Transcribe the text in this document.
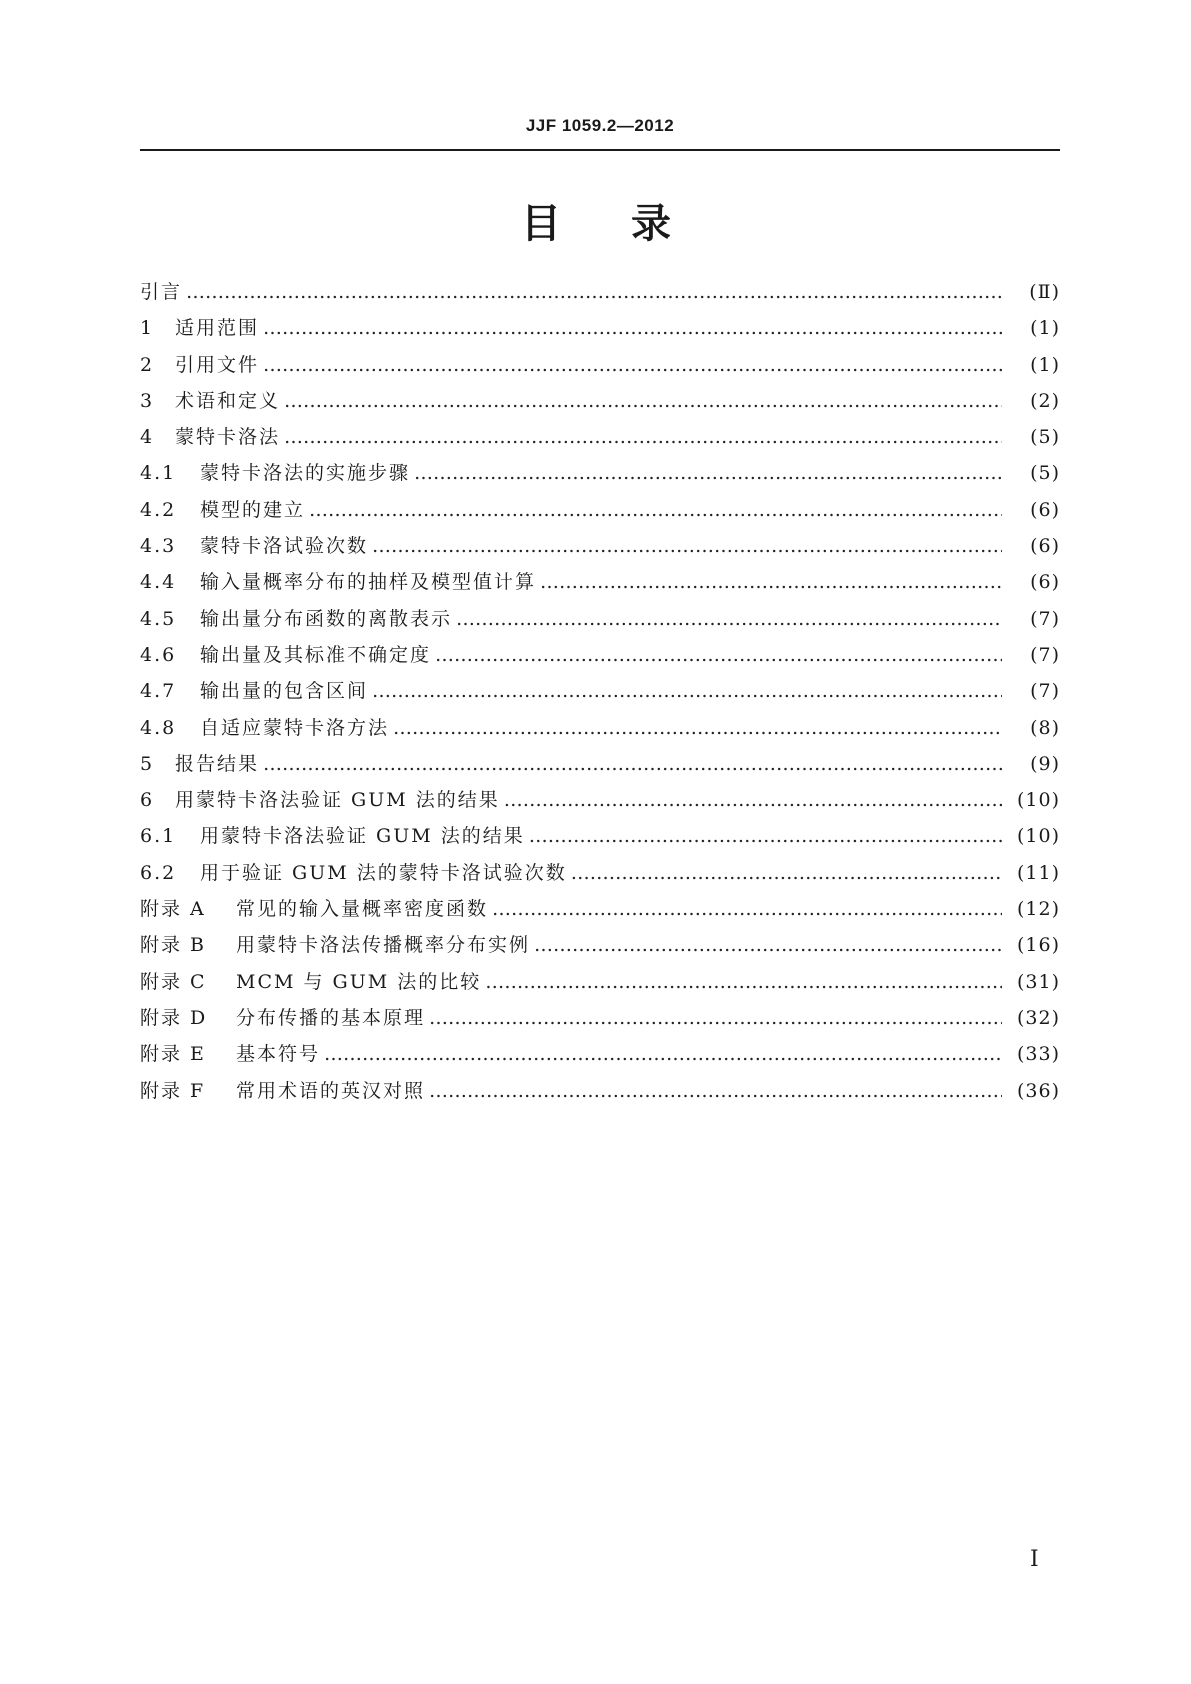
JJF 1059.2—2012
目 录
引言 ……………………………………………………………………………………………………………………………………………………………………………………………………………………	(Ⅱ)
1	适用范围 ……………………………………………………………………………………………………………………………………………………………………………………………………………………	(1)
2	引用文件 ……………………………………………………………………………………………………………………………………………………………………………………………………………………	(1)
3	术语和定义 ……………………………………………………………………………………………………………………………………………………………………………………………………………………	(2)
4	蒙特卡洛法 ……………………………………………………………………………………………………………………………………………………………………………………………………………………	(5)
4.1	蒙特卡洛法的实施步骤 ……………………………………………………………………………………………………………………………………………………………………………………………………………………	(5)
4.2	模型的建立 ……………………………………………………………………………………………………………………………………………………………………………………………………………………	(6)
4.3	蒙特卡洛试验次数 ……………………………………………………………………………………………………………………………………………………………………………………………………………………	(6)
4.4	输入量概率分布的抽样及模型值计算 ……………………………………………………………………………………………………………………………………………………………………………………………………………………	(6)
4.5	输出量分布函数的离散表示 ……………………………………………………………………………………………………………………………………………………………………………………………………………………	(7)
4.6	输出量及其标准不确定度 ……………………………………………………………………………………………………………………………………………………………………………………………………………………	(7)
4.7	输出量的包含区间 ……………………………………………………………………………………………………………………………………………………………………………………………………………………	(7)
4.8	自适应蒙特卡洛方法 ……………………………………………………………………………………………………………………………………………………………………………………………………………………	(8)
5	报告结果 ……………………………………………………………………………………………………………………………………………………………………………………………………………………	(9)
6	用蒙特卡洛法验证 GUM 法的结果 ……………………………………………………………………………………………………………………………………………………………………………………………………………………	(10)
6.1	用蒙特卡洛法验证 GUM 法的结果 ……………………………………………………………………………………………………………………………………………………………………………………………………………………	(10)
6.2	用于验证 GUM 法的蒙特卡洛试验次数 ……………………………………………………………………………………………………………………………………………………………………………………………………………………	(11)
附录 A	常见的输入量概率密度函数 ……………………………………………………………………………………………………………………………………………………………………………………………………………………	(12)
附录 B	用蒙特卡洛法传播概率分布实例 ……………………………………………………………………………………………………………………………………………………………………………………………………………………	(16)
附录 C	MCM 与 GUM 法的比较 ……………………………………………………………………………………………………………………………………………………………………………………………………………………	(31)
附录 D	分布传播的基本原理 ……………………………………………………………………………………………………………………………………………………………………………………………………………………	(32)
附录 E	基本符号 ……………………………………………………………………………………………………………………………………………………………………………………………………………………	(33)
附录 F	常用术语的英汉对照 ……………………………………………………………………………………………………………………………………………………………………………………………………………………	(36)
I
